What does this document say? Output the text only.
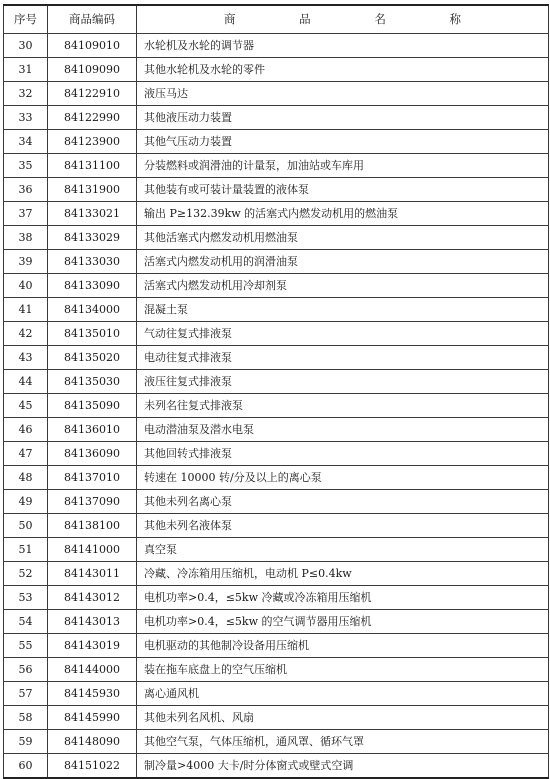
序号	商品编码	商 品 名 称
30	84109010	水轮机及水轮的调节器
31	84109090	其他水轮机及水轮的零件
32	84122910	液压马达
33	84122990	其他液压动力装置
34	84123900	其他气压动力装置
35	84131100	分装燃料或润滑油的计量泵，加油站或车库用
36	84131900	其他装有或可装计量装置的液体泵
37	84133021	输出 P≥132.39kw 的活塞式内燃发动机用的燃油泵
38	84133029	其他活塞式内燃发动机用燃油泵
39	84133030	活塞式内燃发动机用的润滑油泵
40	84133090	活塞式内燃发动机用冷却剂泵
41	84134000	混凝土泵
42	84135010	气动往复式排液泵
43	84135020	电动往复式排液泵
44	84135030	液压往复式排液泵
45	84135090	未列名往复式排液泵
46	84136010	电动潜油泵及潜水电泵
47	84136090	其他回转式排液泵
48	84137010	转速在 10000 转/分及以上的离心泵
49	84137090	其他未列名离心泵
50	84138100	其他未列名液体泵
51	84141000	真空泵
52	84143011	冷藏、冷冻箱用压缩机，电动机 P≤0.4kw
53	84143012	电机功率>0.4，≤5kw 冷藏或冷冻箱用压缩机
54	84143013	电机功率>0.4，≤5kw 的空气调节器用压缩机
55	84143019	电机驱动的其他制冷设备用压缩机
56	84144000	装在拖车底盘上的空气压缩机
57	84145930	离心通风机
58	84145990	其他未列名风机、风扇
59	84148090	其他空气泵，气体压缩机，通风罩、循环气罩
60	84151022	制冷量>4000 大卡/时分体窗式或壁式空调
